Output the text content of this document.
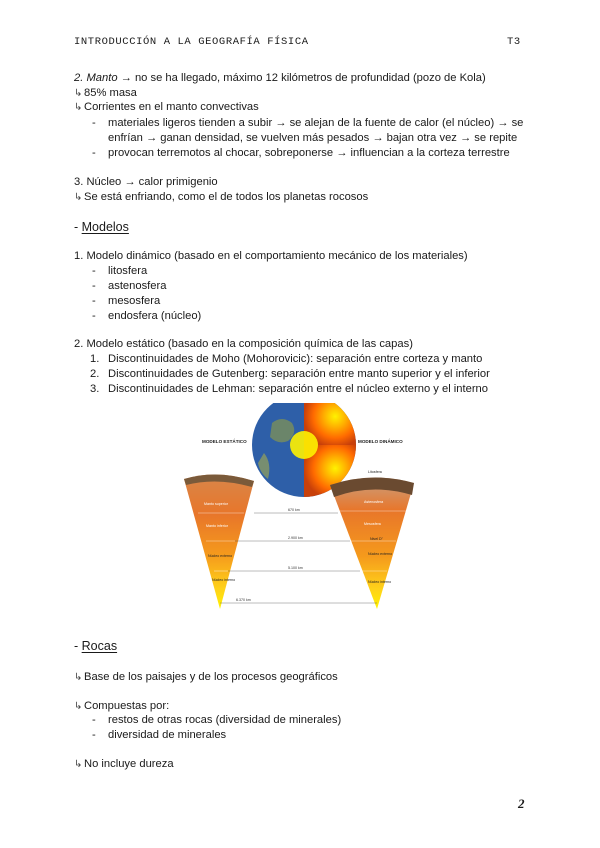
INTRODUCCIÓN A LA GEOGRAFÍA FÍSICA	T3
2. Manto → no se ha llegado, máximo 12 kilómetros de profundidad (pozo de Kola)
↳ 85% masa
↳ Corrientes en el manto convectivas
- materiales ligeros tienden a subir → se alejan de la fuente de calor (el núcleo) → se
enfrían → ganan densidad, se vuelven más pesados → bajan otra vez → se repite
- provocan terremotos al chocar, sobreponerse → influencian a la corteza terrestre
3. Núcleo → calor primigenio
↳ Se está enfriando, como el de todos los planetas rocosos
- Modelos
1. Modelo dinámico (basado en el comportamiento mecánico de los materiales)
- litosfera
- astenosfera
- mesosfera
- endosfera (núcleo)
2. Modelo estático (basado en la composición química de las capas)
1. Discontinuidades de Moho (Mohorovicic): separación entre corteza y manto
2. Discontinuidades de Gutenberg: separación entre manto superior y el inferior
3. Discontinuidades de Lehman: separación entre el núcleo externo y el interno
MODELO ESTÁTICO
Manto superior
Manto inferior
Núcleo externo
Núcleo interno
MODELO DINÁMICO
Litosfera
Astenosfera
Mesosfera
Nivel D''
Núcleo externo
Núcleo interno
670 km
2.900 km
5.100 km
6.370 km
- Rocas
↳ Base de los paisajes y de los procesos geográficos
↳ Compuestas por:
- restos de otras rocas (diversidad de minerales)
- diversidad de minerales
↳ No incluye dureza
2
